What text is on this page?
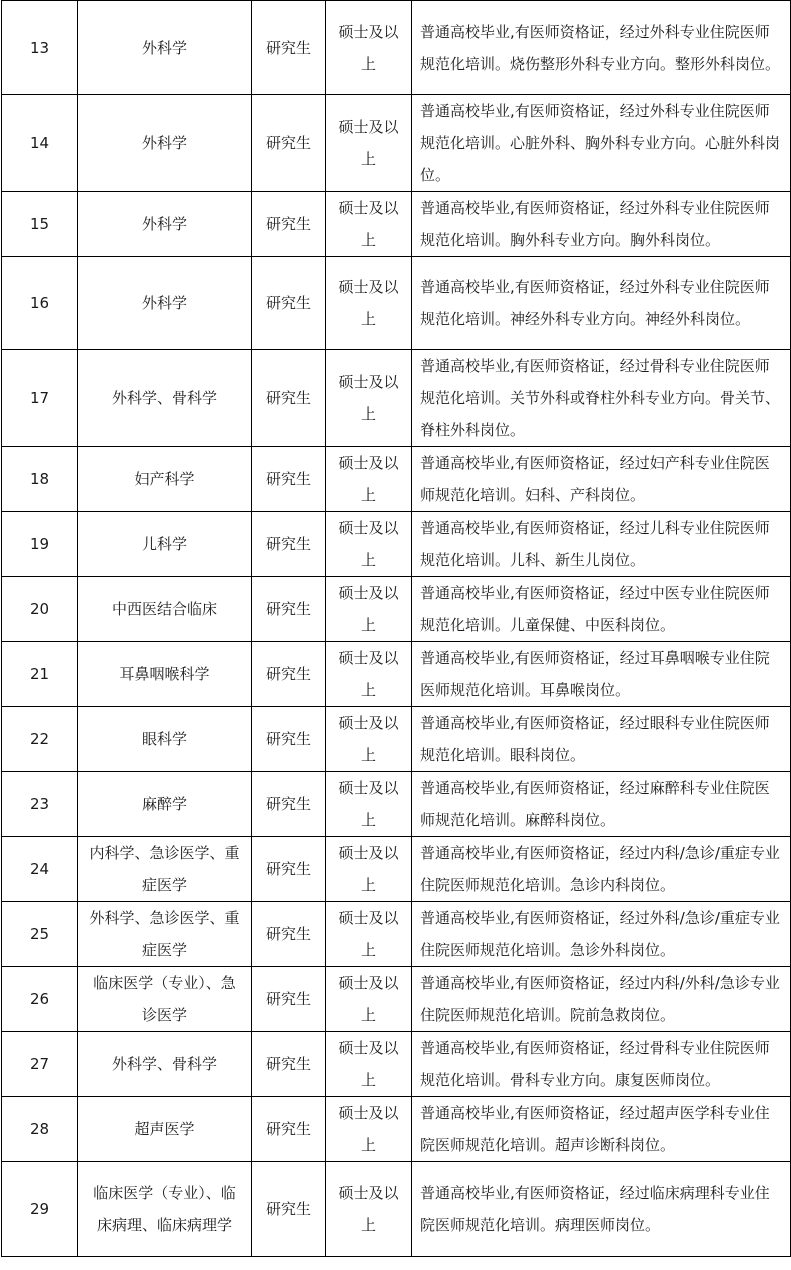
13	外科学	研究生	硕士及以上	普通高校毕业,有医师资格证，经过外科专业住院医师规范化培训。烧伤整形外科专业方向。整形外科岗位。
14	外科学	研究生	硕士及以上	普通高校毕业,有医师资格证，经过外科专业住院医师规范化培训。心脏外科、胸外科专业方向。心脏外科岗位。
15	外科学	研究生	硕士及以上	普通高校毕业,有医师资格证，经过外科专业住院医师规范化培训。胸外科专业方向。胸外科岗位。
16	外科学	研究生	硕士及以上	普通高校毕业,有医师资格证，经过外科专业住院医师规范化培训。神经外科专业方向。神经外科岗位。
17	外科学、骨科学	研究生	硕士及以上	普通高校毕业,有医师资格证，经过骨科专业住院医师规范化培训。关节外科或脊柱外科专业方向。骨关节、脊柱外科岗位。
18	妇产科学	研究生	硕士及以上	普通高校毕业,有医师资格证，经过妇产科专业住院医师规范化培训。妇科、产科岗位。
19	儿科学	研究生	硕士及以上	普通高校毕业,有医师资格证，经过儿科专业住院医师规范化培训。儿科、新生儿岗位。
20	中西医结合临床	研究生	硕士及以上	普通高校毕业,有医师资格证，经过中医专业住院医师规范化培训。儿童保健、中医科岗位。
21	耳鼻咽喉科学	研究生	硕士及以上	普通高校毕业,有医师资格证，经过耳鼻咽喉专业住院医师规范化培训。耳鼻喉岗位。
22	眼科学	研究生	硕士及以上	普通高校毕业,有医师资格证，经过眼科专业住院医师规范化培训。眼科岗位。
23	麻醉学	研究生	硕士及以上	普通高校毕业,有医师资格证，经过麻醉科专业住院医师规范化培训。麻醉科岗位。
24	内科学、急诊医学、重症医学	研究生	硕士及以上	普通高校毕业,有医师资格证，经过内科/急诊/重症专业住院医师规范化培训。急诊内科岗位。
25	外科学、急诊医学、重症医学	研究生	硕士及以上	普通高校毕业,有医师资格证，经过外科/急诊/重症专业住院医师规范化培训。急诊外科岗位。
26	临床医学（专业）、急诊医学	研究生	硕士及以上	普通高校毕业,有医师资格证，经过内科/外科/急诊专业住院医师规范化培训。院前急救岗位。
27	外科学、骨科学	研究生	硕士及以上	普通高校毕业,有医师资格证，经过骨科专业住院医师规范化培训。骨科专业方向。康复医师岗位。
28	超声医学	研究生	硕士及以上	普通高校毕业,有医师资格证，经过超声医学科专业住院医师规范化培训。超声诊断科岗位。
29	临床医学（专业）、临床病理、临床病理学	研究生	硕士及以上	普通高校毕业,有医师资格证，经过临床病理科专业住院医师规范化培训。病理医师岗位。
